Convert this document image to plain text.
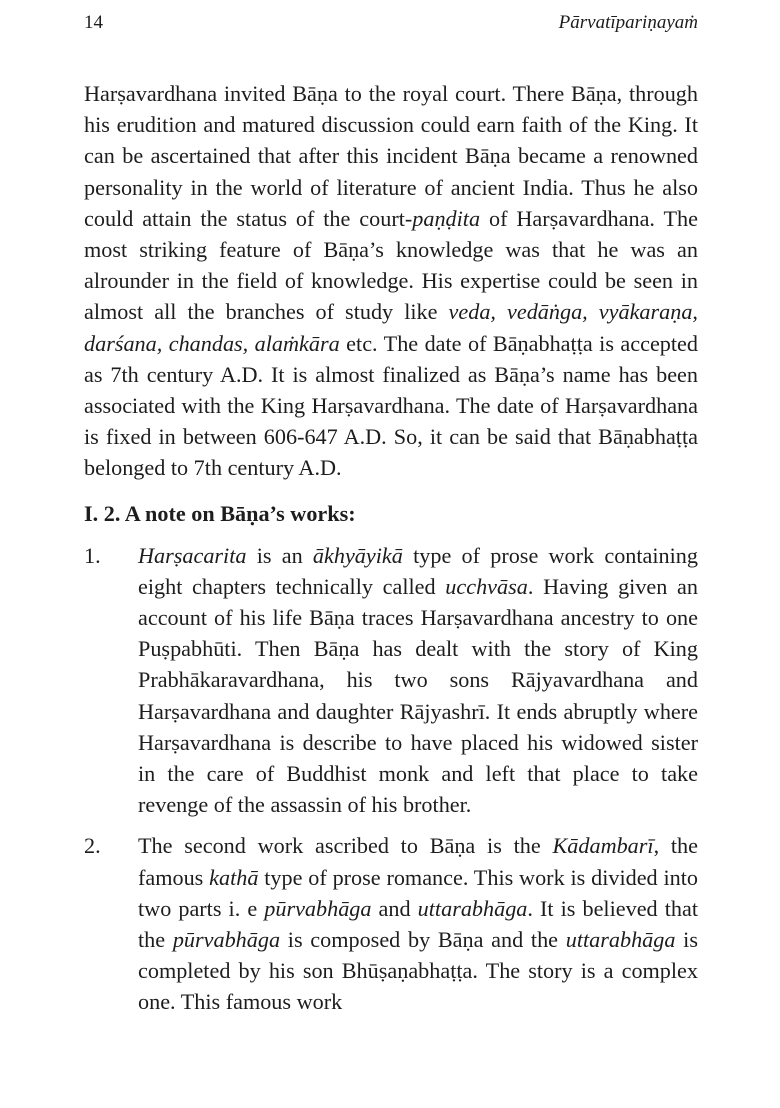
14	Pārvatīpariṇayaṁ

Harṣavardhana invited Bāṇa to the royal court. There Bāṇa, through his erudition and matured discussion could earn faith of the King. It can be ascertained that after this incident Bāṇa became a renowned personality in the world of literature of ancient India. Thus he also could attain the status of the court-paṇḍita of Harṣavardhana. The most striking feature of Bāṇa’s knowledge was that he was an alrounder in the field of knowledge. His expertise could be seen in almost all the branches of study like veda, vedāṅga, vyākaraṇa, darśana, chandas, alaṁkāra etc. The date of Bāṇabhaṭṭa is accepted as 7th century A.D. It is almost finalized as Bāṇa’s name has been associated with the King Harṣavardhana. The date of Harṣavardhana is fixed in between 606-647 A.D. So, it can be said that Bāṇabhaṭṭa belonged to 7th century A.D.

I. 2. A note on Bāṇa’s works:
1.	Harṣacarita is an ākhyāyikā type of prose work containing eight chapters technically called ucchvāsa. Having given an account of his life Bāṇa traces Harṣavardhana ancestry to one Puṣpabhūti. Then Bāṇa has dealt with the story of King Prabhākaravardhana, his two sons Rājyavardhana and Harṣavardhana and daughter Rājyashrī. It ends abruptly where Harṣavardhana is describe to have placed his widowed sister in the care of Buddhist monk and left that place to take revenge of the assassin of his brother.
2.	The second work ascribed to Bāṇa is the Kādambarī, the famous kathā type of prose romance. This work is divided into two parts i. e pūrvabhāga and uttarabhāga. It is believed that the pūrvabhāga is composed by Bāṇa and the uttarabhāga is completed by his son Bhūṣaṇabhaṭṭa. The story is a complex one. This famous work
